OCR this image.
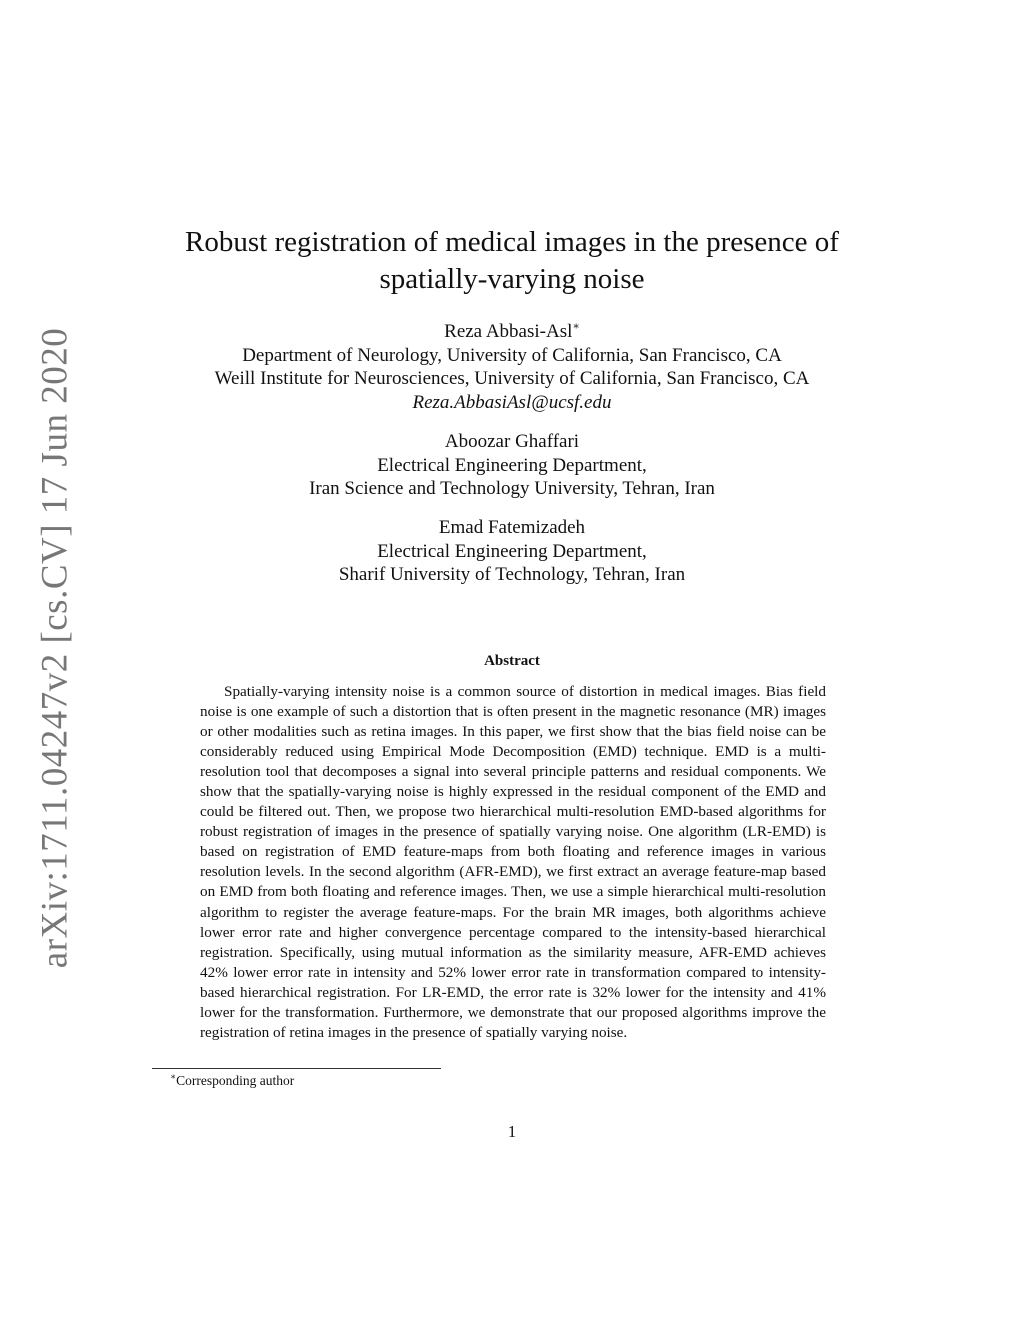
arXiv:1711.04247v2 [cs.CV] 17 Jun 2020
Robust registration of medical images in the presence of spatially-varying noise
Reza Abbasi-Asl∗
Department of Neurology, University of California, San Francisco, CA
Weill Institute for Neurosciences, University of California, San Francisco, CA
Reza.AbbasiAsl@ucsf.edu
Aboozar Ghaffari
Electrical Engineering Department,
Iran Science and Technology University, Tehran, Iran
Emad Fatemizadeh
Electrical Engineering Department,
Sharif University of Technology, Tehran, Iran
Abstract
Spatially-varying intensity noise is a common source of distortion in medical images. Bias field noise is one example of such a distortion that is often present in the magnetic resonance (MR) images or other modalities such as retina images. In this paper, we first show that the bias field noise can be considerably reduced using Empirical Mode Decomposition (EMD) technique. EMD is a multi-resolution tool that decomposes a signal into several principle patterns and residual components. We show that the spatially-varying noise is highly expressed in the residual component of the EMD and could be filtered out. Then, we propose two hierarchical multi-resolution EMD-based algorithms for robust registration of images in the presence of spatially varying noise. One algorithm (LR-EMD) is based on registration of EMD feature-maps from both floating and reference images in various resolution levels. In the second algorithm (AFR-EMD), we first extract an average feature-map based on EMD from both floating and reference images. Then, we use a simple hierarchical multi-resolution algorithm to register the average feature-maps. For the brain MR images, both algorithms achieve lower error rate and higher convergence percentage compared to the intensity-based hierarchical registration. Specifically, using mutual information as the similarity measure, AFR-EMD achieves 42% lower error rate in intensity and 52% lower error rate in transformation compared to intensity-based hierarchical registration. For LR-EMD, the error rate is 32% lower for the intensity and 41% lower for the transformation. Furthermore, we demonstrate that our proposed algorithms improve the registration of retina images in the presence of spatially varying noise.
∗Corresponding author
1
